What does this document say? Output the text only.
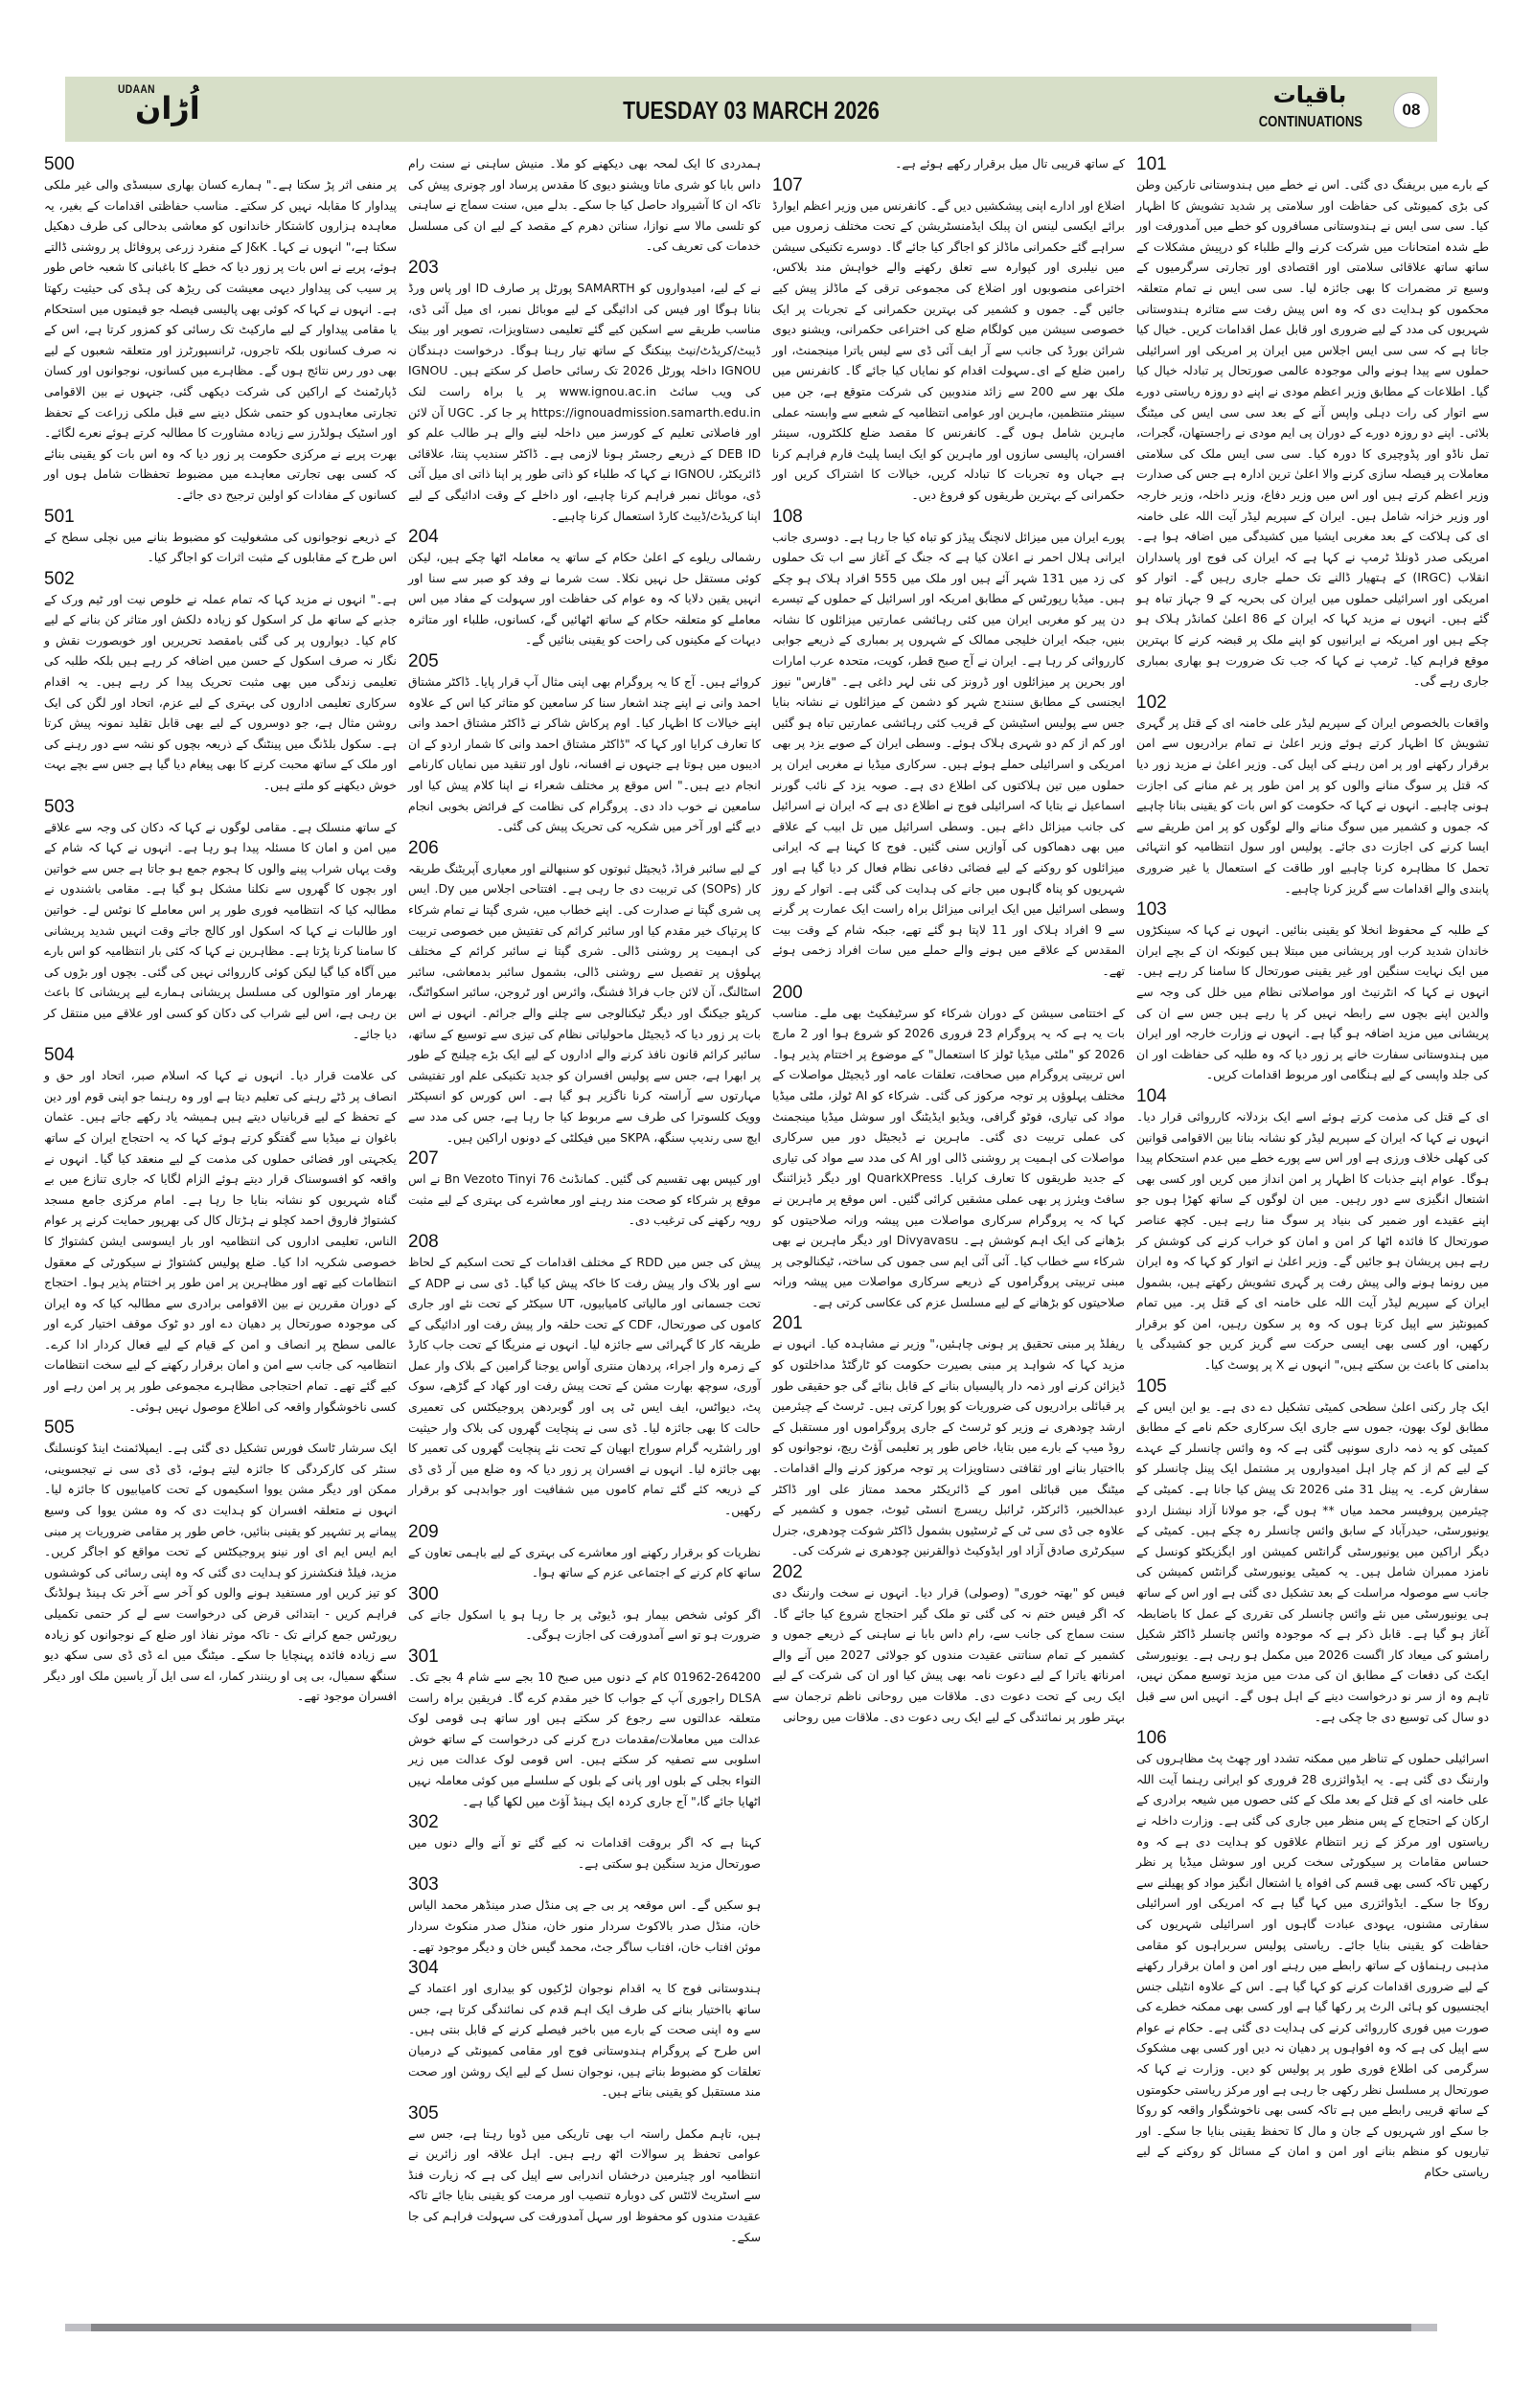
UDAAN
اُڑان	TUESDAY 03 MARCH 2026
باقیات
CONTINUATIONS
08
101

کے بارے میں بریفنگ دی گئی۔ اس نے خطے میں ہندوستانی تارکین وطن کی بڑی کمیونٹی کی حفاظت اور سلامتی پر شدید تشویش کا اظہار کیا۔ سی سی ایس نے ہندوستانی مسافروں کو خطے میں آمدورفت اور طے شدہ امتحانات میں شرکت کرنے والے طلباء کو درپیش مشکلات کے ساتھ ساتھ علاقائی سلامتی اور اقتصادی اور تجارتی سرگرمیوں کے وسیع تر مضمرات کا بھی جائزہ لیا۔ سی سی ایس نے تمام متعلقہ محکموں کو ہدایت دی کہ وہ اس پیش رفت سے متاثرہ ہندوستانی شہریوں کی مدد کے لیے ضروری اور قابل عمل اقدامات کریں۔ خیال کیا جاتا ہے کہ سی سی ایس اجلاس میں ایران پر امریکی اور اسرائیلی حملوں سے پیدا ہونے والی موجودہ عالمی صورتحال پر تبادلہ خیال کیا گیا۔ اطلاعات کے مطابق وزیر اعظم مودی نے اپنے دو روزہ ریاستی دورے سے اتوار کی رات دہلی واپس آنے کے بعد سی سی ایس کی میٹنگ بلائی۔ اپنے دو روزہ دورے کے دوران پی ایم مودی نے راجستھان، گجرات، تمل ناڈو اور پڈوچیری کا دورہ کیا۔ سی سی ایس ملک کی سلامتی معاملات پر فیصلہ سازی کرنے والا اعلیٰ ترین ادارہ ہے جس کی صدارت وزیر اعظم کرتے ہیں اور اس میں وزیر دفاع، وزیر داخلہ، وزیر خارجہ اور وزیر خزانہ شامل ہیں۔ ایران کے سپریم لیڈر آیت اللہ علی خامنہ ای کی ہلاکت کے بعد مغربی ایشیا میں کشیدگی میں اضافہ ہوا ہے۔ امریکی صدر ڈونلڈ ٹرمپ نے کہا ہے کہ ایران کی فوج اور پاسداران انقلاب (IRGC) کے ہتھیار ڈالنے تک حملے جاری رہیں گے۔ اتوار کو امریکی اور اسرائیلی حملوں میں ایران کی بحریہ کے 9 جہاز تباہ ہو گئے ہیں۔ انہوں نے مزید کہا کہ ایران کے 86 اعلیٰ کمانڈر ہلاک ہو چکے ہیں اور امریکہ نے ایرانیوں کو اپنے ملک پر قبضہ کرنے کا بہترین موقع فراہم کیا۔ ٹرمپ نے کہا کہ جب تک ضرورت ہو بھاری بمباری جاری رہے گی۔

102

واقعات بالخصوص ایران کے سپریم لیڈر علی خامنہ ای کے قتل پر گہری تشویش کا اظہار کرتے ہوئے وزیر اعلیٰ نے تمام برادریوں سے امن برقرار رکھنے اور پر امن رہنے کی اپیل کی۔ وزیر اعلیٰ نے مزید زور دیا کہ قتل پر سوگ منانے والوں کو پر امن طور پر غم منانے کی اجازت ہونی چاہیے۔ انہوں نے کہا کہ حکومت کو اس بات کو یقینی بنانا چاہیے کہ جموں و کشمیر میں سوگ منانے والے لوگوں کو پر امن طریقے سے ایسا کرنے کی اجازت دی جائے۔ پولیس اور سول انتظامیہ کو انتہائی تحمل کا مظاہرہ کرنا چاہیے اور طاقت کے استعمال یا غیر ضروری پابندی والے اقدامات سے گریز کرنا چاہیے۔

103

کے طلبہ کے محفوظ انخلا کو یقینی بنائیں۔ انہوں نے کہا کہ سینکڑوں خاندان شدید کرب اور پریشانی میں مبتلا ہیں کیونکہ ان کے بچے ایران میں ایک نہایت سنگین اور غیر یقینی صورتحال کا سامنا کر رہے ہیں۔ انہوں نے کہا کہ انٹرنیٹ اور مواصلاتی نظام میں خلل کی وجہ سے والدین اپنے بچوں سے رابطہ نہیں کر پا رہے ہیں جس سے ان کی پریشانی میں مزید اضافہ ہو گیا ہے۔ انہوں نے وزارت خارجہ اور ایران میں ہندوستانی سفارت خانے پر زور دیا کہ وہ طلبہ کی حفاظت اور ان کی جلد واپسی کے لیے ہنگامی اور مربوط اقدامات کریں۔

104

ای کے قتل کی مذمت کرتے ہوئے اسے ایک بزدلانہ کارروائی قرار دیا۔ انہوں نے کہا کہ ایران کے سپریم لیڈر کو نشانہ بنانا بین الاقوامی قوانین کی کھلی خلاف ورزی ہے اور اس سے پورے خطے میں عدم استحکام پیدا ہوگا۔ عوام اپنے جذبات کا اظہار پر امن انداز میں کریں اور کسی بھی اشتعال انگیزی سے دور رہیں۔ میں ان لوگوں کے ساتھ کھڑا ہوں جو اپنے عقیدے اور ضمیر کی بنیاد پر سوگ منا رہے ہیں۔ کچھ عناصر صورتحال کا فائدہ اٹھا کر امن و امان کو خراب کرنے کی کوشش کر رہے ہیں پریشان ہو جائیں گے۔ وزیر اعلیٰ نے اتوار کو کہا کہ وہ ایران میں رونما ہونے والی پیش رفت پر گہری تشویش رکھتے ہیں، بشمول ایران کے سپریم لیڈر آیت اللہ علی خامنہ ای کے قتل پر۔ میں تمام کمیونٹیز سے اپیل کرتا ہوں کہ وہ پر سکون رہیں، امن کو برقرار رکھیں، اور کسی بھی ایسی حرکت سے گریز کریں جو کشیدگی یا بدامنی کا باعث بن سکتے ہیں،" انہوں نے X پر پوسٹ کیا۔

105

ایک چار رکنی اعلیٰ سطحی کمیٹی تشکیل دے دی ہے۔ یو این ایس کے مطابق لوک بھون، جموں سے جاری ایک سرکاری حکم نامے کے مطابق کمیٹی کو یہ ذمہ داری سونپی گئی ہے کہ وہ وائس چانسلر کے عہدے کے لیے کم از کم چار اہل امیدواروں پر مشتمل ایک پینل چانسلر کو سفارش کرے۔ یہ پینل 31 مئی 2026 تک پیش کیا جانا ہے۔ کمیٹی کے چیئرمین پروفیسر محمد میاں ** ہوں گے، جو مولانا آزاد نیشنل اردو یونیورسٹی، حیدرآباد کے سابق وائس چانسلر رہ چکے ہیں۔ کمیٹی کے دیگر اراکین میں یونیورسٹی گرانٹس کمیشن اور ایگزیکٹو کونسل کے نامزد ممبران شامل ہیں۔ یہ کمیٹی یونیورسٹی گرانٹس کمیشن کی جانب سے موصولہ مراسلت کے بعد تشکیل دی گئی ہے اور اس کے ساتھ ہی یونیورسٹی میں نئے وائس چانسلر کی تقرری کے عمل کا باضابطہ آغاز ہو گیا ہے۔ قابل ذکر ہے کہ موجودہ وائس چانسلر ڈاکٹر شکیل رامشو کی میعاد کار اگست 2026 میں مکمل ہو رہی ہے۔ یونیورسٹی ایکٹ کی دفعات کے مطابق ان کی مدت میں مزید توسیع ممکن نہیں، تاہم وہ از سر نو درخواست دینے کے اہل ہوں گے۔ انہیں اس سے قبل دو سال کی توسیع دی جا چکی ہے۔

106

اسرائیلی حملوں کے تناظر میں ممکنہ تشدد اور چھٹ پٹ مظاہروں کی وارننگ دی گئی ہے۔ یہ ایڈوائزری 28 فروری کو ایرانی رہنما آیت اللہ علی خامنہ ای کے قتل کے بعد ملک کے کئی حصوں میں شیعہ برادری کے ارکان کے احتجاج کے پس منظر میں جاری کی گئی ہے۔ وزارت داخلہ نے ریاستوں اور مرکز کے زیر انتظام علاقوں کو ہدایت دی ہے کہ وہ حساس مقامات پر سیکورٹی سخت کریں اور سوشل میڈیا پر نظر رکھیں تاکہ کسی بھی قسم کی افواہ یا اشتعال انگیز مواد کو پھیلنے سے روکا جا سکے۔ ایڈوائزری میں کہا گیا ہے کہ امریکی اور اسرائیلی سفارتی مشنوں، یہودی عبادت گاہوں اور اسرائیلی شہریوں کی حفاظت کو یقینی بنایا جائے۔ ریاستی پولیس سربراہوں کو مقامی مذہبی رہنماؤں کے ساتھ رابطے میں رہنے اور امن و امان برقرار رکھنے کے لیے ضروری اقدامات کرنے کو کہا گیا ہے۔ اس کے علاوہ انٹیلی جنس ایجنسیوں کو ہائی الرٹ پر رکھا گیا ہے اور کسی بھی ممکنہ خطرے کی صورت میں فوری کارروائی کرنے کی ہدایت دی گئی ہے۔ حکام نے عوام سے اپیل کی ہے کہ وہ افواہوں پر دھیان نہ دیں اور کسی بھی مشکوک سرگرمی کی اطلاع فوری طور پر پولیس کو دیں۔ وزارت نے کہا کہ صورتحال پر مسلسل نظر رکھی جا رہی ہے اور مرکز ریاستی حکومتوں کے ساتھ قریبی رابطے میں ہے تاکہ کسی بھی ناخوشگوار واقعہ کو روکا جا سکے اور شہریوں کے جان و مال کا تحفظ یقینی بنایا جا سکے۔ اور تیاریوں کو منظم بنانے اور امن و امان کے مسائل کو روکنے کے لیے ریاستی حکام

کے ساتھ قریبی تال میل برقرار رکھے ہوئے ہے۔

107

اضلاع اور ادارے اپنی پیشکشیں دیں گے۔ کانفرنس میں وزیر اعظم ایوارڈ برائے ایکسی لینس ان پبلک ایڈمنسٹریشن کے تحت مختلف زمروں میں سراہے گئے حکمرانی ماڈلز کو اجاگر کیا جائے گا۔ دوسرے تکنیکی سیشن میں نیلبری اور کپوارہ سے تعلق رکھنے والے خواہش مند بلاکس، اختراعی منصوبوں اور اضلاع کی مجموعی ترقی کے ماڈلز پیش کیے جائیں گے۔ جموں و کشمیر کی بہترین حکمرانی کے تجربات پر ایک خصوصی سیشن میں کولگام ضلع کی اختراعی حکمرانی، ویشنو دیوی شرائن بورڈ کی جانب سے آر ایف آئی ڈی سے لیس یاترا مینجمنٹ، اور رامبن ضلع کے ای۔سہولت اقدام کو نمایاں کیا جائے گا۔ کانفرنس میں ملک بھر سے 200 سے زائد مندوبین کی شرکت متوقع ہے، جن میں سینئر منتظمین، ماہرین اور عوامی انتظامیہ کے شعبے سے وابستہ عملی ماہرین شامل ہوں گے۔ کانفرنس کا مقصد ضلع کلکٹروں، سینئر افسران، پالیسی سازوں اور ماہرین کو ایک ایسا پلیٹ فارم فراہم کرنا ہے جہاں وہ تجربات کا تبادلہ کریں، خیالات کا اشتراک کریں اور حکمرانی کے بہترین طریقوں کو فروغ دیں۔

108

پورے ایران میں میزائل لانچنگ پیڈز کو تباہ کیا جا رہا ہے۔ دوسری جانب ایرانی ہلال احمر نے اعلان کیا ہے کہ جنگ کے آغاز سے اب تک حملوں کی زد میں 131 شہر آئے ہیں اور ملک میں 555 افراد ہلاک ہو چکے ہیں۔ میڈیا رپورٹس کے مطابق امریکہ اور اسرائیل کے حملوں کے تیسرے دن پیر کو مغربی ایران میں کئی رہائشی عمارتیں میزائلوں کا نشانہ بنیں، جبکہ ایران خلیجی ممالک کے شہروں پر بمباری کے ذریعے جوابی کارروائی کر رہا ہے۔ ایران نے آج صبح قطر، کویت، متحدہ عرب امارات اور بحرین پر میزائلوں اور ڈرونز کی نئی لہر داغی ہے۔ "فارس" نیوز ایجنسی کے مطابق سنندج شہر کو دشمن کے میزائلوں نے نشانہ بنایا جس سے پولیس اسٹیشن کے قریب کئی رہائشی عمارتیں تباہ ہو گئیں اور کم از کم دو شہری ہلاک ہوئے۔ وسطی ایران کے صوبے یزد پر بھی امریکی و اسرائیلی حملے ہوئے ہیں۔ سرکاری میڈیا نے مغربی ایران پر حملوں میں تین ہلاکتوں کی اطلاع دی ہے۔ صوبہ یزد کے نائب گورنر اسماعیل نے بتایا کہ اسرائیلی فوج نے اطلاع دی ہے کہ ایران نے اسرائیل کی جانب میزائل داغے ہیں۔ وسطی اسرائیل میں تل ابیب کے علاقے میں بھی دھماکوں کی آوازیں سنی گئیں۔ فوج کا کہنا ہے کہ ایرانی میزائلوں کو روکنے کے لیے فضائی دفاعی نظام فعال کر دیا گیا ہے اور شہریوں کو پناہ گاہوں میں جانے کی ہدایت کی گئی ہے۔ اتوار کے روز وسطی اسرائیل میں ایک ایرانی میزائل براہ راست ایک عمارت پر گرنے سے 9 افراد ہلاک اور 11 لاپتا ہو گئے تھے، جبکہ شام کے وقت بیت المقدس کے علاقے میں ہونے والے حملے میں سات افراد زخمی ہوئے تھے۔

200

کے اختتامی سیشن کے دوران شرکاء کو سرٹیفکیٹ بھی ملے۔ مناسب بات یہ ہے کہ یہ پروگرام 23 فروری 2026 کو شروع ہوا اور 2 مارچ 2026 کو "ملٹی میڈیا ٹولز کا استعمال" کے موضوع پر اختتام پذیر ہوا۔ اس تربیتی پروگرام میں صحافت، تعلقات عامہ اور ڈیجیٹل مواصلات کے مختلف پہلوؤں پر توجہ مرکوز کی گئی۔ شرکاء کو AI ٹولز، ملٹی میڈیا مواد کی تیاری، فوٹو گرافی، ویڈیو ایڈیٹنگ اور سوشل میڈیا مینجمنٹ کی عملی تربیت دی گئی۔ ماہرین نے ڈیجیٹل دور میں سرکاری مواصلات کی اہمیت پر روشنی ڈالی اور AI کی مدد سے مواد کی تیاری کے جدید طریقوں کا تعارف کرایا۔ QuarkXPress اور دیگر ڈیزائننگ سافٹ ویئرز پر بھی عملی مشقیں کرائی گئیں۔ اس موقع پر ماہرین نے کہا کہ یہ پروگرام سرکاری مواصلات میں پیشہ ورانہ صلاحیتوں کو بڑھانے کی ایک اہم کوشش ہے۔ Divyavasu اور دیگر ماہرین نے بھی شرکاء سے خطاب کیا۔ آئی آئی ایم سی جموں کی ساختہ، ٹیکنالوجی پر مبنی تربیتی پروگراموں کے ذریعے سرکاری مواصلات میں پیشہ ورانہ صلاحیتوں کو بڑھانے کے لیے مسلسل عزم کی عکاسی کرتی ہے۔

201

ریفلڈ پر مبنی تحقیق پر ہونی چاہئیں،" وزیر نے مشاہدہ کیا۔ انہوں نے مزید کہا کہ شواہد پر مبنی بصیرت حکومت کو ٹارگٹڈ مداخلتوں کو ڈیزائن کرنے اور ذمہ دار پالیسیاں بنانے کے قابل بنائے گی جو حقیقی طور پر قبائلی برادریوں کی ضروریات کو پورا کرتی ہیں۔ ٹرسٹ کے چیئرمین ارشد چودھری نے وزیر کو ٹرسٹ کے جاری پروگراموں اور مستقبل کے روڈ میپ کے بارے میں بتایا، خاص طور پر تعلیمی آؤٹ ریچ، نوجوانوں کو بااختیار بنانے اور ثقافتی دستاویزات پر توجہ مرکوز کرنے والے اقدامات۔ میٹنگ میں قبائلی امور کے ڈائریکٹر محمد ممتاز علی اور ڈاکٹر عبدالخبیر، ڈائرکٹر، ٹرائبل ریسرچ انسٹی ٹیوٹ، جموں و کشمیر کے علاوہ جی ڈی سی ٹی کے ٹرسٹیوں بشمول ڈاکٹر شوکت چودھری، جنرل سیکرٹری صادق آزاد اور ایڈوکیٹ ذوالقرنین چودھری نے شرکت کی۔

202

فیس کو "بھتہ خوری" (وصولی) قرار دیا۔ انہوں نے سخت وارننگ دی کہ اگر فیس ختم نہ کی گئی تو ملک گیر احتجاج شروع کیا جائے گا۔ سنت سماج کی جانب سے، رام داس بابا نے ساہنی کے ذریعے جموں و کشمیر کے تمام سناتنی عقیدت مندوں کو جولائی 2027 میں آنے والے امرناتھ یاترا کے لیے دعوت نامہ بھی پیش کیا اور ان کی شرکت کے لیے ایک ربی کے تحت دعوت دی۔ ملاقات میں روحانی ناظم ترجمان سے بہتر طور پر نمائندگی کے لیے ایک ربی دعوت دی۔ ملاقات میں روحانی

ہمدردی کا ایک لمحہ بھی دیکھنے کو ملا۔ منیش ساہنی نے سنت رام داس بابا کو شری ماتا ویشنو دیوی کا مقدس پرساد اور چونری پیش کی تاکہ ان کا آشیرواد حاصل کیا جا سکے۔ بدلے میں، سنت سماج نے ساہنی کو تلسی مالا سے نوازا، سناتن دھرم کے مقصد کے لیے ان کی مسلسل خدمات کی تعریف کی۔

203

نے کے لیے، امیدواروں کو SAMARTH پورٹل پر صارف ID اور پاس ورڈ بنانا ہوگا اور فیس کی ادائیگی کے لیے موبائل نمبر، ای میل آئی ڈی، مناسب طریقے سے اسکین کیے گئے تعلیمی دستاویزات، تصویر اور بینک ڈیبٹ/کریڈٹ/نیٹ بینکنگ کے ساتھ تیار رہنا ہوگا۔ درخواست دہندگان IGNOU داخلہ پورٹل 2026 تک رسائی حاصل کر سکتے ہیں۔ IGNOU کی ویب سائٹ www.ignou.ac.in پر یا براہ راست لنک https://ignouadmission.samarth.edu.in پر جا کر۔ UGC آن لائن اور فاصلاتی تعلیم کے کورسز میں داخلہ لینے والے ہر طالب علم کو DEB ID کے ذریعے رجسٹر ہونا لازمی ہے۔ ڈاکٹر سندیپ پنتا، علاقائی ڈائریکٹر، IGNOU نے کہا کہ طلباء کو ذاتی طور پر اپنا ذاتی ای میل آئی ڈی، موبائل نمبر فراہم کرنا چاہیے، اور داخلے کے وقت ادائیگی کے لیے اپنا کریڈٹ/ڈیبٹ کارڈ استعمال کرنا چاہیے۔

204

رشمالی ریلوے کے اعلیٰ حکام کے ساتھ یہ معاملہ اٹھا چکے ہیں، لیکن کوئی مستقل حل نہیں نکلا۔ ست شرما نے وفد کو صبر سے سنا اور انہیں یقین دلایا کہ وہ عوام کی حفاظت اور سہولت کے مفاد میں اس معاملے کو متعلقہ حکام کے ساتھ اٹھائیں گے، کسانوں، طلباء اور متاثرہ دیہات کے مکینوں کی راحت کو یقینی بنائیں گے۔

205

کروائے ہیں۔ آج کا یہ پروگرام بھی اپنی مثال آپ قرار پایا۔ ڈاکٹر مشتاق احمد وانی نے اپنے چند اشعار سنا کر سامعین کو متاثر کیا اس کے علاوہ اپنے خیالات کا اظہار کیا۔ اوم پرکاش شاکر نے ڈاکٹر مشتاق احمد وانی کا تعارف کرایا اور کہا کہ "ڈاکٹر مشتاق احمد وانی کا شمار اردو کے ان ادیبوں میں ہوتا ہے جنہوں نے افسانہ، ناول اور تنقید میں نمایاں کارنامے انجام دیے ہیں۔" اس موقع پر مختلف شعراء نے اپنا کلام پیش کیا اور سامعین نے خوب داد دی۔ پروگرام کی نظامت کے فرائض بخوبی انجام دیے گئے اور آخر میں شکریہ کی تحریک پیش کی گئی۔

206

کے لیے سائبر فراڈ، ڈیجیٹل ثبوتوں کو سنبھالنے اور معیاری آپریٹنگ طریقہ کار (SOPs) کی تربیت دی جا رہی ہے۔ افتتاحی اجلاس میں Dy. ایس پی شری گپتا نے صدارت کی۔ اپنے خطاب میں، شری گپتا نے تمام شرکاء کا پرتپاک خیر مقدم کیا اور سائبر کرائم کی تفتیش میں خصوصی تربیت کی اہمیت پر روشنی ڈالی۔ شری گپتا نے سائبر کرائم کے مختلف پہلوؤں پر تفصیل سے روشنی ڈالی، بشمول سائبر بدمعاشی، سائبر اسٹالنگ، آن لائن جاب فراڈ فشنگ، وائرس اور ٹروجن، سائبر اسکواٹنگ، کرپٹو جیکنگ اور دیگر ٹیکنالوجی سے چلنے والے جرائم۔ انہوں نے اس بات پر زور دیا کہ ڈیجیٹل ماحولیاتی نظام کی تیزی سے توسیع کے ساتھ، سائبر کرائم قانون نافذ کرنے والے اداروں کے لیے ایک بڑے چیلنج کے طور پر ابھرا ہے، جس سے پولیس افسران کو جدید تکنیکی علم اور تفتیشی مہارتوں سے آراستہ کرنا ناگزیر ہو گیا ہے۔ اس کورس کو انسپکٹر وویک کلسوترا کی طرف سے مربوط کیا جا رہا ہے، جس کی مدد سے ایچ سی رندیپ سنگھ، SKPA میں فیکلٹی کے دونوں اراکین ہیں۔

207

اور کیپس بھی تقسیم کی گئیں۔ کمانڈنٹ 76 Bn Vezoto Tinyi نے اس موقع پر شرکاء کو صحت مند رہنے اور معاشرے کی بہتری کے لیے مثبت رویہ رکھنے کی ترغیب دی۔

208

پیش کی جس میں RDD کے مختلف اقدامات کے تحت اسکیم کے لحاظ سے اور بلاک وار پیش رفت کا خاکہ پیش کیا گیا۔ ڈی سی نے ADP کے تحت جسمانی اور مالیاتی کامیابیوں، UT سیکٹر کے تحت نئے اور جاری کاموں کی صورتحال، CDF کے تحت حلقہ وار پیش رفت اور ادائیگی کے طریقہ کار کا گہرائی سے جائزہ لیا۔ انہوں نے منریگا کے تحت جاب کارڈ کے زمرہ وار اجراء، پردھان منتری آواس یوجنا گرامین کے بلاک وار عمل آوری، سوچھ بھارت مشن کے تحت پیش رفت اور کھاد کے گڑھے، سوک پٹ، دیواٹس، ایف ایس ٹی پی اور گوبردھن پروجیکٹس کی تعمیری حالت کا بھی جائزہ لیا۔ ڈی سی نے پنچایت گھروں کی بلاک وار حیثیت اور راشٹریہ گرام سوراج ابھیان کے تحت نئے پنچایت گھروں کی تعمیر کا بھی جائزہ لیا۔ انہوں نے افسران پر زور دیا کہ وہ ضلع میں آر ڈی ڈی کے ذریعہ کئے گئے تمام کاموں میں شفافیت اور جوابدہی کو برقرار رکھیں۔

209

نظریات کو برقرار رکھنے اور معاشرے کی بہتری کے لیے باہمی تعاون کے ساتھ کام کرنے کے اجتماعی عزم کے ساتھ ہوا۔

300

اگر کوئی شخص بیمار ہو، ڈیوٹی پر جا رہا ہو یا اسکول جانے کی ضرورت ہو تو اسے آمدورفت کی اجازت ہوگی۔

301

01962-264200 کام کے دنوں میں صبح 10 بجے سے شام 4 بجے تک۔ DLSA راجوری آپ کے جواب کا خیر مقدم کرے گا۔ فریقین براہ راست متعلقہ عدالتوں سے رجوع کر سکتے ہیں اور ساتھ ہی قومی لوک عدالت میں معاملات/مقدمات درج کرنے کی درخواست کے ساتھ خوش اسلوبی سے تصفیہ کر سکتے ہیں۔ اس قومی لوک عدالت میں زیر التواء بجلی کے بلوں اور پانی کے بلوں کے سلسلے میں کوئی معاملہ نہیں اٹھایا جائے گا،" آج جاری کردہ ایک ہینڈ آؤٹ میں لکھا گیا ہے۔

302

کہنا ہے کہ اگر بروقت اقدامات نہ کیے گئے تو آنے والے دنوں میں صورتحال مزید سنگین ہو سکتی ہے۔

303

ہو سکیں گے۔ اس موقعہ پر بی جے پی منڈل صدر مینڈھر محمد الیاس خان، منڈل صدر بالاکوٹ سردار منور خان، منڈل صدر منکوٹ سردار موئن افتاب خان، افتاب ساگر جٹ، محمد گیس خان و دیگر موجود تھے۔

304

ہندوستانی فوج کا یہ اقدام نوجوان لڑکیوں کو بیداری اور اعتماد کے ساتھ بااختیار بنانے کی طرف ایک اہم قدم کی نمائندگی کرتا ہے، جس سے وہ اپنی صحت کے بارے میں باخبر فیصلے کرنے کے قابل بنتی ہیں۔ اس طرح کے پروگرام ہندوستانی فوج اور مقامی کمیونٹی کے درمیان تعلقات کو مضبوط بناتے ہیں، نوجوان نسل کے لیے ایک روشن اور صحت مند مستقبل کو یقینی بناتے ہیں۔

305

ہیں، تاہم مکمل راستہ اب بھی تاریکی میں ڈوبا رہتا ہے، جس سے عوامی تحفظ پر سوالات اٹھ رہے ہیں۔ اہل علاقہ اور زائرین نے انتظامیہ اور چیئرمین درخشاں اندرابی سے اپیل کی ہے کہ زیارت فنڈ سے اسٹریٹ لائٹس کی دوبارہ تنصیب اور مرمت کو یقینی بنایا جائے تاکہ عقیدت مندوں کو محفوظ اور سہل آمدورفت کی سہولت فراہم کی جا سکے۔

500

پر منفی اثر پڑ سکتا ہے۔" ہمارے کسان بھاری سبسڈی والی غیر ملکی پیداوار کا مقابلہ نہیں کر سکتے۔ مناسب حفاظتی اقدامات کے بغیر، یہ معاہدہ ہزاروں کاشتکار خاندانوں کو معاشی بدحالی کی طرف دھکیل سکتا ہے،" انہوں نے کہا۔ J&K کے منفرد زرعی پروفائل پر روشنی ڈالتے ہوئے، پریے نے اس بات پر زور دیا کہ خطے کا باغبانی کا شعبہ خاص طور پر سیب کی پیداوار دیہی معیشت کی ریڑھ کی ہڈی کی حیثیت رکھتا ہے۔ انہوں نے کہا کہ کوئی بھی پالیسی فیصلہ جو قیمتوں میں استحکام یا مقامی پیداوار کے لیے مارکیٹ تک رسائی کو کمزور کرتا ہے، اس کے نہ صرف کسانوں بلکہ تاجروں، ٹرانسپورٹرز اور متعلقہ شعبوں کے لیے بھی دور رس نتائج ہوں گے۔ مظاہرے میں کسانوں، نوجوانوں اور کسان ڈپارٹمنٹ کے اراکین کی شرکت دیکھی گئی، جنہوں نے بین الاقوامی تجارتی معاہدوں کو حتمی شکل دینے سے قبل ملکی زراعت کے تحفظ اور اسٹیک ہولڈرز سے زیادہ مشاورت کا مطالبہ کرتے ہوئے نعرے لگائے۔ بھرت پریے نے مرکزی حکومت پر زور دیا کہ وہ اس بات کو یقینی بنائے کہ کسی بھی تجارتی معاہدے میں مضبوط تحفظات شامل ہوں اور کسانوں کے مفادات کو اولین ترجیح دی جائے۔

501

کے ذریعے نوجوانوں کی مشغولیت کو مضبوط بنانے میں نچلی سطح کے اس طرح کے مقابلوں کے مثبت اثرات کو اجاگر کیا۔

502

ہے۔" انہوں نے مزید کہا کہ تمام عملہ نے خلوص نیت اور ٹیم ورک کے جذبے کے ساتھ مل کر اسکول کو زیادہ دلکش اور متاثر کن بنانے کے لیے کام کیا۔ دیواروں پر کی گئی بامقصد تحریریں اور خوبصورت نقش و نگار نہ صرف اسکول کے حسن میں اضافہ کر رہے ہیں بلکہ طلبہ کی تعلیمی زندگی میں بھی مثبت تحریک پیدا کر رہے ہیں۔ یہ اقدام سرکاری تعلیمی اداروں کی بہتری کے لیے عزم، اتحاد اور لگن کی ایک روشن مثال ہے، جو دوسروں کے لیے بھی قابل تقلید نمونہ پیش کرتا ہے۔ سکول بلڈنگ میں پینٹنگ کے ذریعہ بچوں کو نشہ سے دور رہنے کی اور ملک کے ساتھ محبت کرنے کا بھی پیغام دیا گیا ہے جس سے بچے بہت خوش دیکھنے کو ملتے ہیں۔

503

کے ساتھ منسلک ہے۔ مقامی لوگوں نے کہا کہ دکان کی وجہ سے علاقے میں امن و امان کا مسئلہ پیدا ہو رہا ہے۔ انہوں نے کہا کہ شام کے وقت یہاں شراب پینے والوں کا ہجوم جمع ہو جاتا ہے جس سے خواتین اور بچوں کا گھروں سے نکلنا مشکل ہو گیا ہے۔ مقامی باشندوں نے مطالبہ کیا کہ انتظامیہ فوری طور پر اس معاملے کا نوٹس لے۔ خواتین اور طالبات نے کہا کہ اسکول اور کالج جاتے وقت انہیں شدید پریشانی کا سامنا کرنا پڑتا ہے۔ مظاہرین نے کہا کہ کئی بار انتظامیہ کو اس بارے میں آگاہ کیا گیا لیکن کوئی کارروائی نہیں کی گئی۔ بچوں اور بڑوں کی بھرمار اور متوالوں کی مسلسل پریشانی ہمارے لیے پریشانی کا باعث بن رہی ہے، اس لیے شراب کی دکان کو کسی اور علاقے میں منتقل کر دیا جائے۔

504

کی علامت قرار دیا۔ انہوں نے کہا کہ اسلام صبر، اتحاد اور حق و انصاف پر ڈٹے رہنے کی تعلیم دیتا ہے اور وہ رہنما جو اپنی قوم اور دین کے تحفظ کے لیے قربانیاں دیتے ہیں ہمیشہ یاد رکھے جاتے ہیں۔ عثمان باغوان نے میڈیا سے گفتگو کرتے ہوئے کہا کہ یہ احتجاج ایران کے ساتھ یکجہتی اور فضائی حملوں کی مذمت کے لیے منعقد کیا گیا۔ انہوں نے واقعہ کو افسوسناک قرار دیتے ہوئے الزام لگایا کہ جاری تنازع میں بے گناہ شہریوں کو نشانہ بنایا جا رہا ہے۔ امام مرکزی جامع مسجد کشتواڑ فاروق احمد کچلو نے ہڑتال کال کی بھرپور حمایت کرنے پر عوام الناس، تعلیمی اداروں کی انتظامیہ اور بار ایسوسی ایشن کشتواڑ کا خصوصی شکریہ ادا کیا۔ ضلع پولیس کشتواڑ نے سیکورٹی کے معقول انتظامات کیے تھے اور مظاہرین پر امن طور پر اختتام پذیر ہوا۔ احتجاج کے دوران مقررین نے بین الاقوامی برادری سے مطالبہ کیا کہ وہ ایران کی موجودہ صورتحال پر دھیان دے اور دو ٹوک موقف اختیار کرے اور عالمی سطح پر انصاف و امن کے قیام کے لیے فعال کردار ادا کرے۔ انتظامیہ کی جانب سے امن و امان برقرار رکھنے کے لیے سخت انتظامات کیے گئے تھے۔ تمام احتجاجی مظاہرے مجموعی طور پر پر امن رہے اور کسی ناخوشگوار واقعہ کی اطلاع موصول نہیں ہوئی۔

505

ایک سرشار ٹاسک فورس تشکیل دی گئی ہے۔ ایمپلائمنٹ اینڈ کونسلنگ سنٹر کی کارکردگی کا جائزہ لیتے ہوئے، ڈی ڈی سی نے تیجسوینی، ممکن اور دیگر مشن یووا اسکیموں کے تحت کامیابیوں کا جائزہ لیا۔ انہوں نے متعلقہ افسران کو ہدایت دی کہ وہ مشن یووا کی وسیع پیمانے پر تشہیر کو یقینی بنائیں، خاص طور پر مقامی ضروریات پر مبنی ایم ایس ایم ای اور نینو پروجیکٹس کے تحت مواقع کو اجاگر کریں۔ مزید، فیلڈ فنکشنرز کو ہدایت دی گئی کہ وہ اپنی رسائی کی کوششوں کو تیز کریں اور مستفید ہونے والوں کو آخر سے آخر تک ہینڈ ہولڈنگ فراہم کریں - ابتدائی قرض کی درخواست سے لے کر حتمی تکمیلی رپورٹس جمع کرانے تک - تاکہ موثر نفاذ اور ضلع کے نوجوانوں کو زیادہ سے زیادہ فائدہ پہنچایا جا سکے۔ میٹنگ میں اے ڈی ڈی سی سکھ دیو سنگھ سمیال، بی پی او رینندر کمار، اے سی ایل آر یاسین ملک اور دیگر افسران موجود تھے۔
